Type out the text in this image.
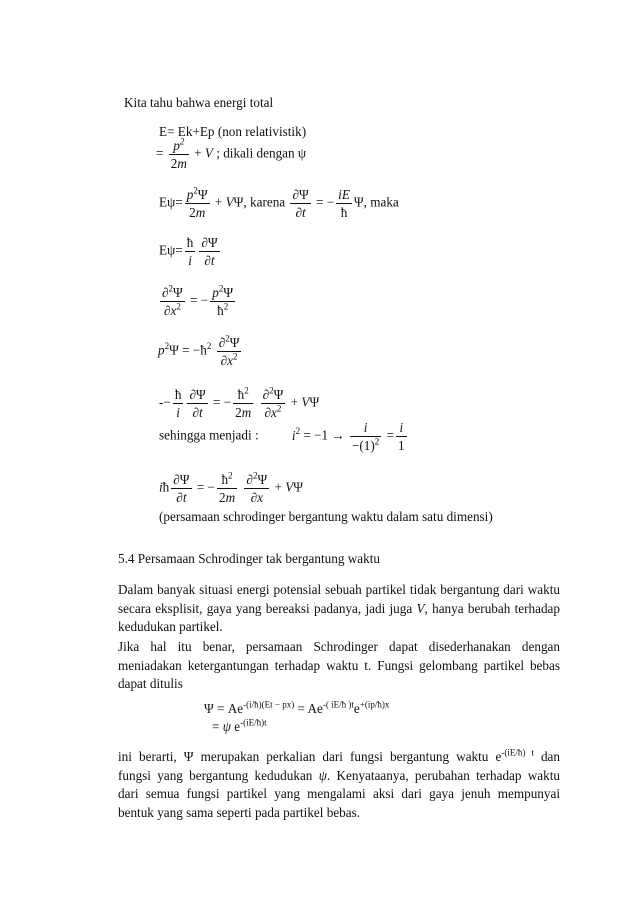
Kita tahu bahwa energi total
E= Ek+Ep (non relativistik)
= $\frac{p^2}{2m} + V$ ; dikali dengan ψ
$E\psi= \frac{p^2\Psi}{2m} + V\Psi$, karena $\frac{\partial\Psi}{\partial t}$ = − $\frac{iE}{ħ} \Psi$, maka
$E\psi= \frac{ħ}{i} \frac{\partial\Psi}{\partial t}$
$\frac{\partial^2\Psi}{\partial x^2}$ = − $\frac{p^2\Psi}{ħ^2}$
$p^2\Psi$ = $-ħ^2 \frac{\partial^2\Psi}{\partial x^2}$
-− $\frac{ħ}{i} \frac{\partial\Psi}{\partial t}$ = − $\frac{ħ^2}{2m}$
$\frac{\partial^2\Psi}{\partial x^2} + V\Psi$
sehingga menjadi :	$i^2 = -1 \to \frac{i}{-(1)^2} = \frac{i}{1}$
iħ $\frac{\partial\Psi}{\partial t}$ = − $\frac{ħ^2}{2m}$
$\frac{\partial^2\Psi}{\partial x} + V\Psi$
(persamaan schrodinger bergantung waktu dalam satu dimensi)
5.4 Persamaan Schrodinger tak bergantung waktu
Dalam banyak situasi energi potensial sebuah partikel tidak bergantung dari waktu
secara eksplisit, gaya yang bereaksi padanya, jadi juga V, hanya berubah terhadap
kedudukan partikel.
Jika hal itu benar, persamaan Schrodinger dapat disederhanakan dengan
meniadakan ketergantungan terhadap waktu t. Fungsi gelombang partikel bebas
dapat ditulis
$\Psi = Ae^{-(i/ħ)(Et - px)} = Ae^{-( iE/ħ )t}e^{+(ip/ħ)x}$
= ψ $e^{-(iE/ħ)t}$
ini berarti, Ψ merupakan perkalian dari fungsi bergantung waktu $e^{-(iE/ħ) t}$ dan
fungsi yang bergantung kedudukan ψ. Kenyataanya, perubahan terhadap waktu
dari semua fungsi partikel yang mengalami aksi dari gaya jenuh mempunyai
bentuk yang sama seperti pada partikel bebas.
